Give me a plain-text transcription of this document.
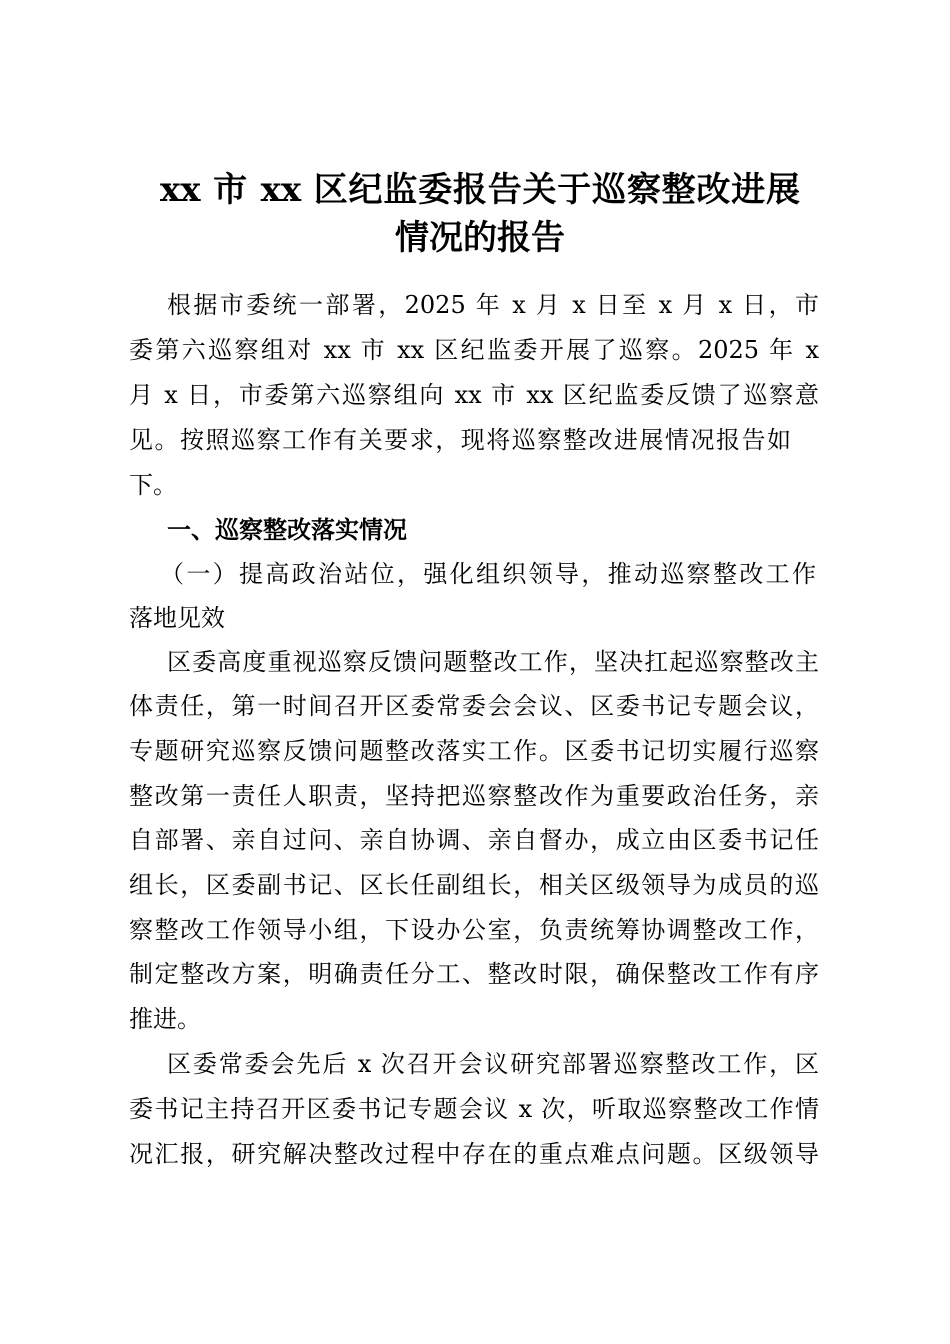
xx 市 xx 区纪监委报告关于巡察整改进展
情况的报告
根据市委统一部署，2025 年 x 月 x 日至 x 月 x 日，市
委第六巡察组对 xx 市 xx 区纪监委开展了巡察。2025 年 x
月 x 日，市委第六巡察组向 xx 市 xx 区纪监委反馈了巡察意
见。按照巡察工作有关要求，现将巡察整改进展情况报告如
下。
一、巡察整改落实情况
（一）提高政治站位，强化组织领导，推动巡察整改工作
落地见效
区委高度重视巡察反馈问题整改工作，坚决扛起巡察整改主
体责任，第一时间召开区委常委会会议、区委书记专题会议，
专题研究巡察反馈问题整改落实工作。区委书记切实履行巡察
整改第一责任人职责，坚持把巡察整改作为重要政治任务，亲
自部署、亲自过问、亲自协调、亲自督办，成立由区委书记任
组长，区委副书记、区长任副组长，相关区级领导为成员的巡
察整改工作领导小组，下设办公室，负责统筹协调整改工作，
制定整改方案，明确责任分工、整改时限，确保整改工作有序
推进。
区委常委会先后 x 次召开会议研究部署巡察整改工作，区
委书记主持召开区委书记专题会议 x 次，听取巡察整改工作情
况汇报，研究解决整改过程中存在的重点难点问题。区级领导
